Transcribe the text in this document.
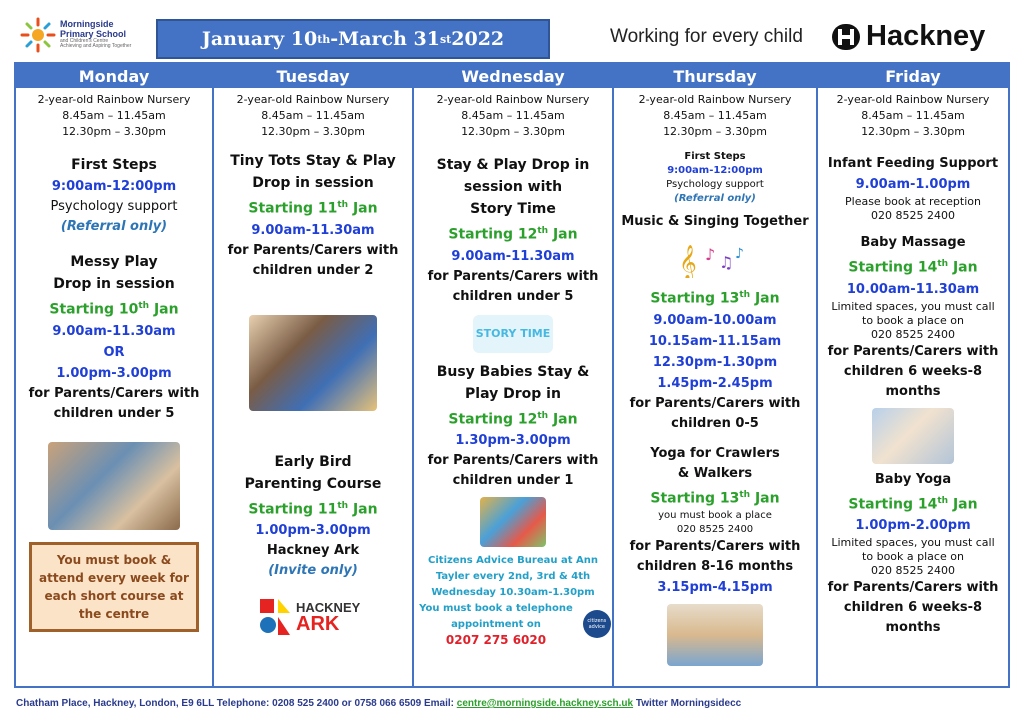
Morningside
Primary School
and Children's Centre
Achieving and Aspiring Together	January 10 th -March 31 st 2022	Working for every child Hackney
Monday
2-year-old Rainbow Nursery
8.45am – 11.45am
12.30pm – 3.30pm
First Steps
9:00am-12:00pm
Psychology support
(Referral only)
Messy Play
Drop in session
Starting 10th Jan
9.00am-11.30am
OR
1.00pm-3.00pm
for Parents/Carers with
children under 5
You must book & attend every week for each short course at the centre
Tuesday
2-year-old Rainbow Nursery
8.45am – 11.45am
12.30pm – 3.30pm
Tiny Tots Stay & Play
Drop in session
Starting 11th Jan
9.00am-11.30am
for Parents/Carers with
children under 2
Early Bird
Parenting Course
Starting 11th Jan
1.00pm-3.00pm
Hackney Ark
(Invite only)
HACKNEY
ARK
Wednesday
2-year-old Rainbow Nursery
8.45am – 11.45am
12.30pm – 3.30pm
Stay & Play Drop in
session with
Story Time
Starting 12th Jan
9.00am-11.30am
for Parents/Carers with
children under 5
STORY TIME
Busy Babies Stay &
Play Drop in
Starting 12th Jan
1.30pm-3.00pm
for Parents/Carers with
children under 1
Citizens Advice Bureau at Ann
Tayler every 2nd, 3rd & 4th
Wednesday 10.30am-1.30pm
You must book a telephone
appointment on
0207 275 6020
citizens advice
Thursday
2-year-old Rainbow Nursery
8.45am – 11.45am
12.30pm – 3.30pm
First Steps
9:00am-12:00pm
Psychology support
(Referral only)
Music & Singing Together
𝄞 ♪ ♫ ♪
Starting 13th Jan
9.00am-10.00am
10.15am-11.15am
12.30pm-1.30pm
1.45pm-2.45pm
for Parents/Carers with
children 0-5
Yoga for Crawlers
& Walkers
Starting 13th Jan
you must book a place
020 8525 2400
for Parents/Carers with
children 8-16 months
3.15pm-4.15pm
Friday
2-year-old Rainbow Nursery
8.45am – 11.45am
12.30pm – 3.30pm
Infant Feeding Support
9.00am-1.00pm
Please book at reception
020 8525 2400
Baby Massage
Starting 14th Jan
10.00am-11.30am
Limited spaces, you must call
to book a place on
020 8525 2400
for Parents/Carers with
children 6 weeks-8
months
Baby Yoga
Starting 14th Jan
1.00pm-2.00pm
Limited spaces, you must call
to book a place on
020 8525 2400
for Parents/Carers with
children 6 weeks-8
months
Chatham Place, Hackney, London, E9 6LL Telephone: 0208 525 2400 or 0758 066 6509 Email: centre@morningside.hackney.sch.uk Twitter Morningsidecc
